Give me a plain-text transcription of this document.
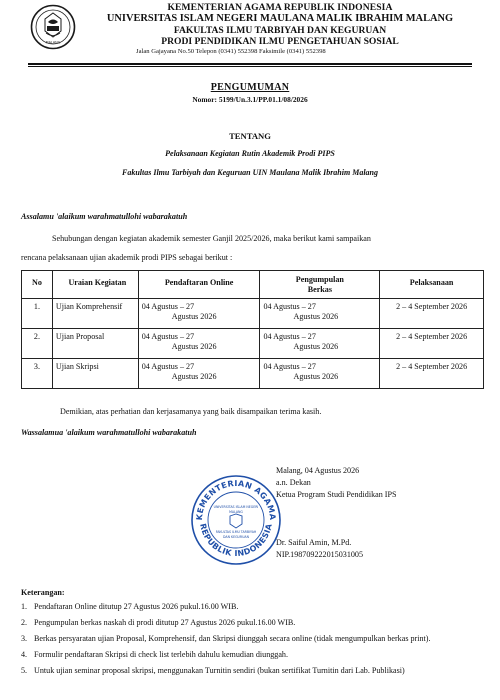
MALANG
KEMENTERIAN AGAMA REPUBLIK INDONESIA
UNIVERSITAS ISLAM NEGERI MAULANA MALIK IBRAHIM MALANG
FAKULTAS ILMU TARBIYAH DAN KEGURUAN
PRODI PENDIDIKAN ILMU PENGETAHUAN SOSIAL
Jalan Gajayana No.50 Telepon (0341) 552398 Faksimile (0341) 552398
PENGUMUMAN
Nomor: 5199/Un.3.1/PP.01.1/08/2026
TENTANG
Pelaksanaan Kegiatan Rutin Akademik Prodi PIPS
Fakultas Ilmu Tarbiyah dan Keguruan UIN Maulana Malik Ibrahim Malang
Assalamu 'alaikum warahmatullohi wabarakatuh
Sehubungan dengan kegiatan akademik semester Ganjil 2025/2026, maka berikut kami sampaikan
rencana pelaksanaan ujian akademik prodi PIPS sebagai berikut :
No	Uraian Kegiatan	Pendaftaran Online	Pengumpulan
Berkas	Pelaksanaan
1.	Ujian Komprehensif	04 Agustus – 27
Agustus 2026	04 Agustus – 27
Agustus 2026	2 – 4 September 2026
2.	Ujian Proposal	04 Agustus – 27
Agustus 2026	04 Agustus – 27
Agustus 2026	2 – 4 September 2026
3.	Ujian Skripsi	04 Agustus – 27
Agustus 2026	04 Agustus – 27
Agustus 2026	2 – 4 September 2026
Demikian, atas perhatian dan kerjasamanya yang baik disampaikan terima kasih.
Wassalamua 'alaikum warahmatullohi wabarakatuh
KEMENTERIAN AGAMA
REPUBLIK INDONESIA
UNIVERSITAS ISLAM NEGERI
MALANG
FAKULTAS ILMU TARBIYAH
DAN KEGURUAN
Malang, 04 Agustus 2026
a.n. Dekan
Ketua Program Studi Pendidikan IPS
Dr. Saiful Amin, M.Pd.
NIP.198709222015031005
Keterangan:
1. Pendaftaran Online ditutup 27 Agustus 2026 pukul.16.00 WIB.
2. Pengumpulan berkas naskah di prodi ditutup 27 Agustus 2026 pukul.16.00 WIB.
3. Berkas persyaratan ujian Proposal, Komprehensif, dan Skripsi diunggah secara online (tidak mengumpulkan berkas print).
4. Formulir pendaftaran Skripsi di check list terlebih dahulu kemudian diunggah.
5. Untuk ujian seminar proposal skripsi, menggunakan Turnitin sendiri (bukan sertifikat Turnitin dari Lab. Publikasi)
